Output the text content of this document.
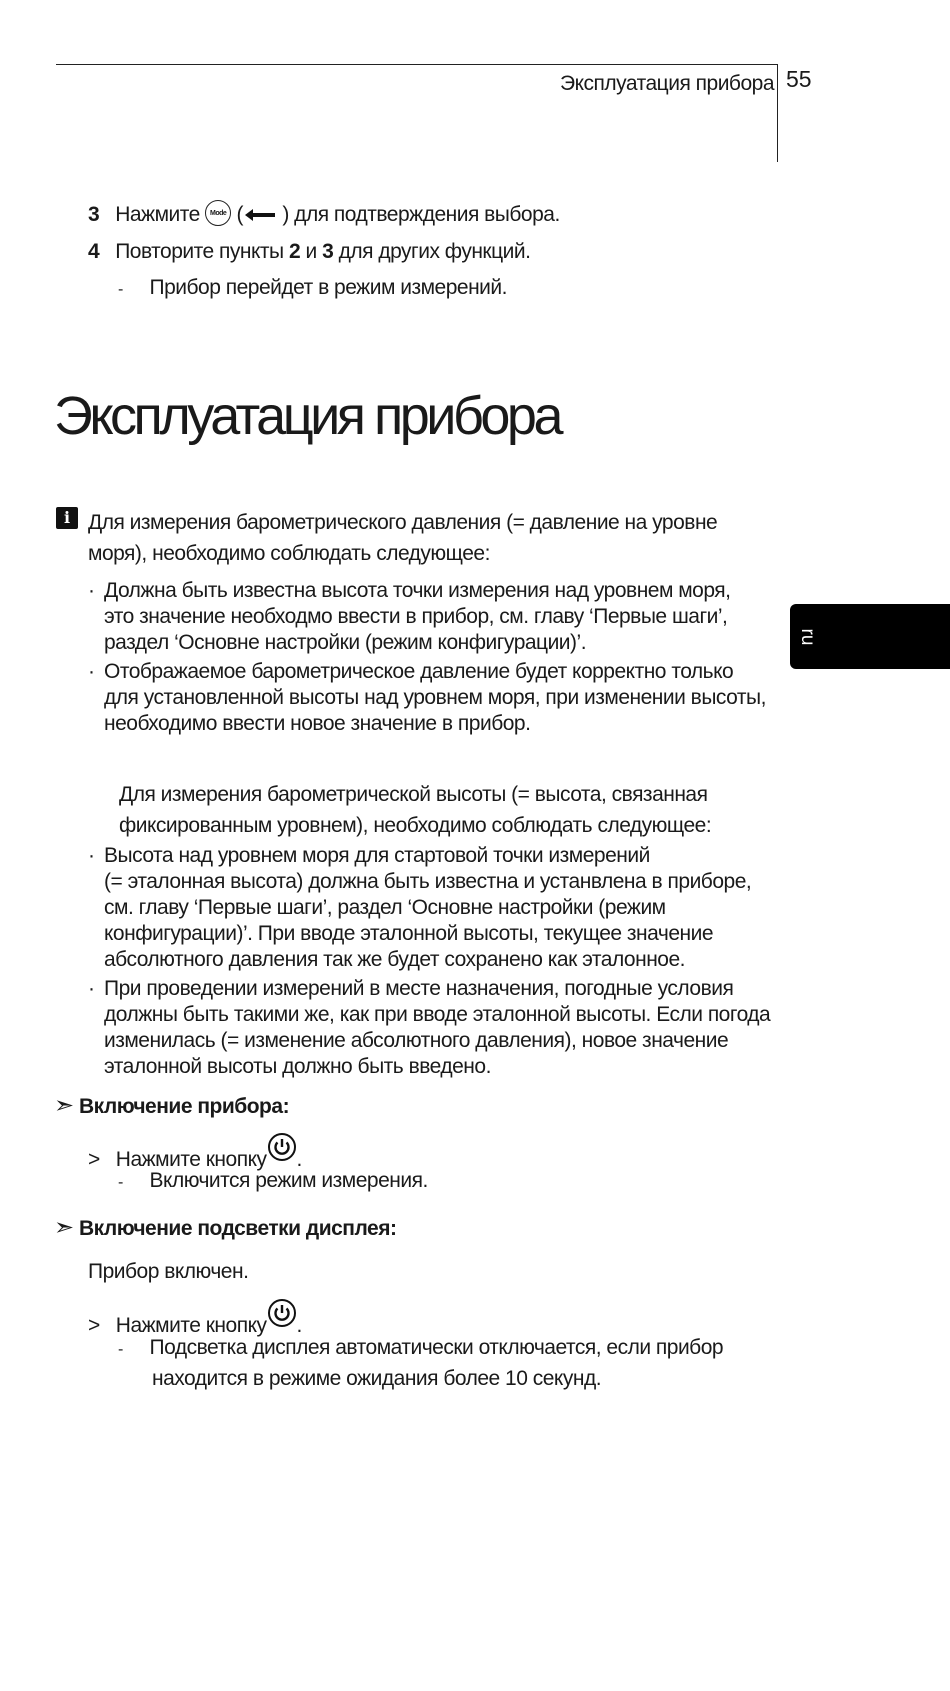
Эксплуатация прибора 55
ru
3 Нажмите Mode ( ) для подтверждения выбора.
4 Повторите пункты 2 и 3 для других функций.
- Прибор перейдет в режим измерений.
Эксплуатация прибора
i Для измерения барометрического давления (= давление на уровне
моря), необходимо соблюдать следующее:
· Должна быть известна высота точки измерения над уровнем моря,
это значение необходмо ввести в прибор, см. главу ‘Первые шаги’,
раздел ‘Основне настройки (режим конфигурации)’.
· Отображаемое барометрическое давление будет корректно только
для установленной высоты над уровнем моря, при изменении высоты,
необходимо ввести новое значение в прибор.
Для измерения барометрической высоты (= высота, связанная
фиксированным уровнем), необходимо соблюдать следующее:
· Высота над уровнем моря для стартовой точки измерений
(= эталонная высота) должна быть известна и устанвлена в приборе,
см. главу ‘Первые шаги’, раздел ‘Основне настройки (режим
конфигурации)’. При вводе эталонной высоты, текущее значение
абсолютного давления так же будет сохранено как эталонное.
· При проведении измерений в месте назначения, погодные условия
должны быть такими же, как при вводе эталонной высоты. Если погода
изменилась (= изменение абсолютного давления), новое значение
эталонной высоты должно быть введено.
➣ Включение прибора:
> Нажмите кнопку .
- Включится режим измерения.
➣ Включение подсветки дисплея:
Прибор включен.
> Нажмите кнопку .
- Подсветка дисплея автоматически отключается, если прибор
находится в режиме ожидания более 10 секунд.
